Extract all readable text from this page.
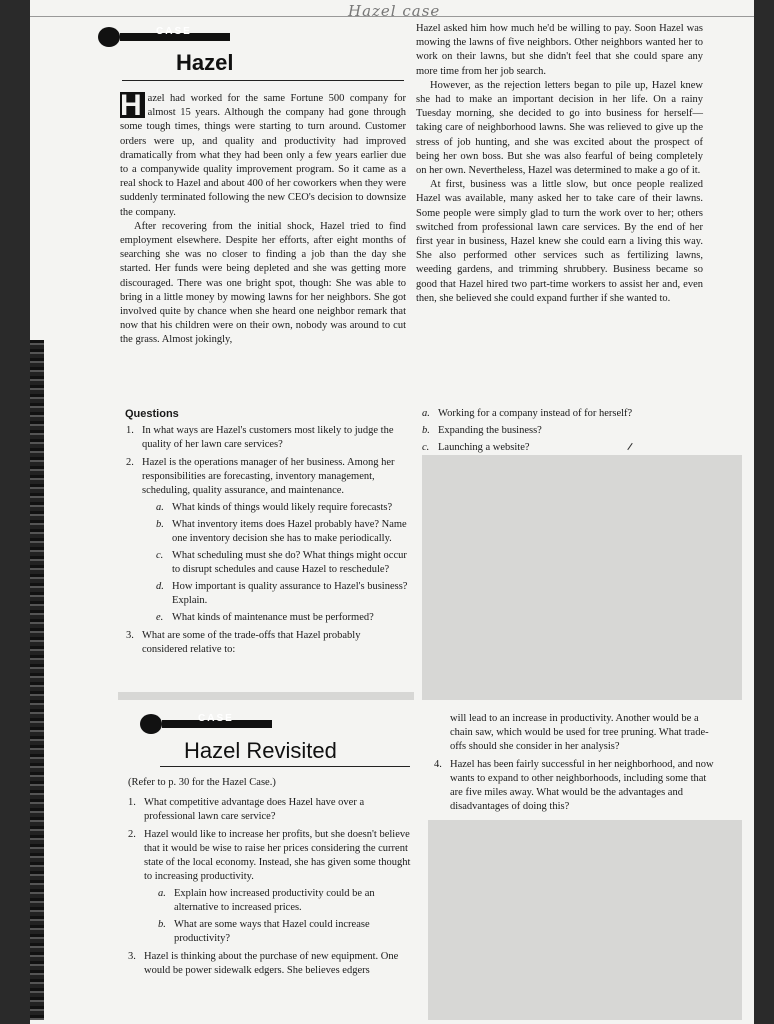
Hazel case
CASE
Hazel

H azel had worked for the same Fortune 500 company for almost 15 years. Although the company had gone through some tough times, things were starting to turn around. Customer orders were up, and quality and productivity had improved dramatically from what they had been only a few years earlier due to a companywide quality improvement program. So it came as a real shock to Hazel and about 400 of her coworkers when they were suddenly terminated following the new CEO's decision to downsize the company.

After recovering from the initial shock, Hazel tried to find employment elsewhere. Despite her efforts, after eight months of searching she was no closer to finding a job than the day she started. Her funds were being depleted and she was getting more discouraged. There was one bright spot, though: She was able to bring in a little money by mowing lawns for her neighbors. She got involved quite by chance when she heard one neighbor remark that now that his children were on their own, nobody was around to cut the grass. Almost jokingly,

Hazel asked him how much he'd be willing to pay. Soon Hazel was mowing the lawns of five neighbors. Other neighbors wanted her to work on their lawns, but she didn't feel that she could spare any more time from her job search.

However, as the rejection letters began to pile up, Hazel knew she had to make an important decision in her life. On a rainy Tuesday morning, she decided to go into business for herself—taking care of neighborhood lawns. She was relieved to give up the stress of job hunting, and she was excited about the prospect of being her own boss. But she was also fearful of being completely on her own. Nevertheless, Hazel was determined to make a go of it.

At first, business was a little slow, but once people realized Hazel was available, many asked her to take care of their lawns. Some people were simply glad to turn the work over to her; others switched from professional lawn care services. By the end of her first year in business, Hazel knew she could earn a living this way. She also performed other services such as fertilizing lawns, weeding gardens, and trimming shrubbery. Business became so good that Hazel hired two part-time workers to assist her and, even then, she believed she could expand further if she wanted to.

Questions
1. In what ways are Hazel's customers most likely to judge the quality of her lawn care services?
2. Hazel is the operations manager of her business. Among her responsibilities are forecasting, inventory management, scheduling, quality assurance, and maintenance.
a. What kinds of things would likely require forecasts?
b. What inventory items does Hazel probably have? Name one inventory decision she has to make periodically.
c. What scheduling must she do? What things might occur to disrupt schedules and cause Hazel to reschedule?
d. How important is quality assurance to Hazel's business? Explain.
e. What kinds of maintenance must be performed?
3. What are some of the trade-offs that Hazel probably considered relative to:
a. Working for a company instead of for herself?
b. Expanding the business?
c. Launching a website?
CASE
Hazel Revisited
(Refer to p. 30 for the Hazel Case.)
1. What competitive advantage does Hazel have over a professional lawn care service?
2. Hazel would like to increase her profits, but she doesn't believe that it would be wise to raise her prices considering the current state of the local economy. Instead, she has given some thought to increasing productivity.
a. Explain how increased productivity could be an alternative to increased prices.
b. What are some ways that Hazel could increase productivity?
3. Hazel is thinking about the purchase of new equipment. One would be power sidewalk edgers. She believes edgers
will lead to an increase in productivity. Another would be a chain saw, which would be used for tree pruning. What trade-offs should she consider in her analysis?
4. Hazel has been fairly successful in her neighborhood, and now wants to expand to other neighborhoods, including some that are five miles away. What would be the advantages and disadvantages of doing this?
